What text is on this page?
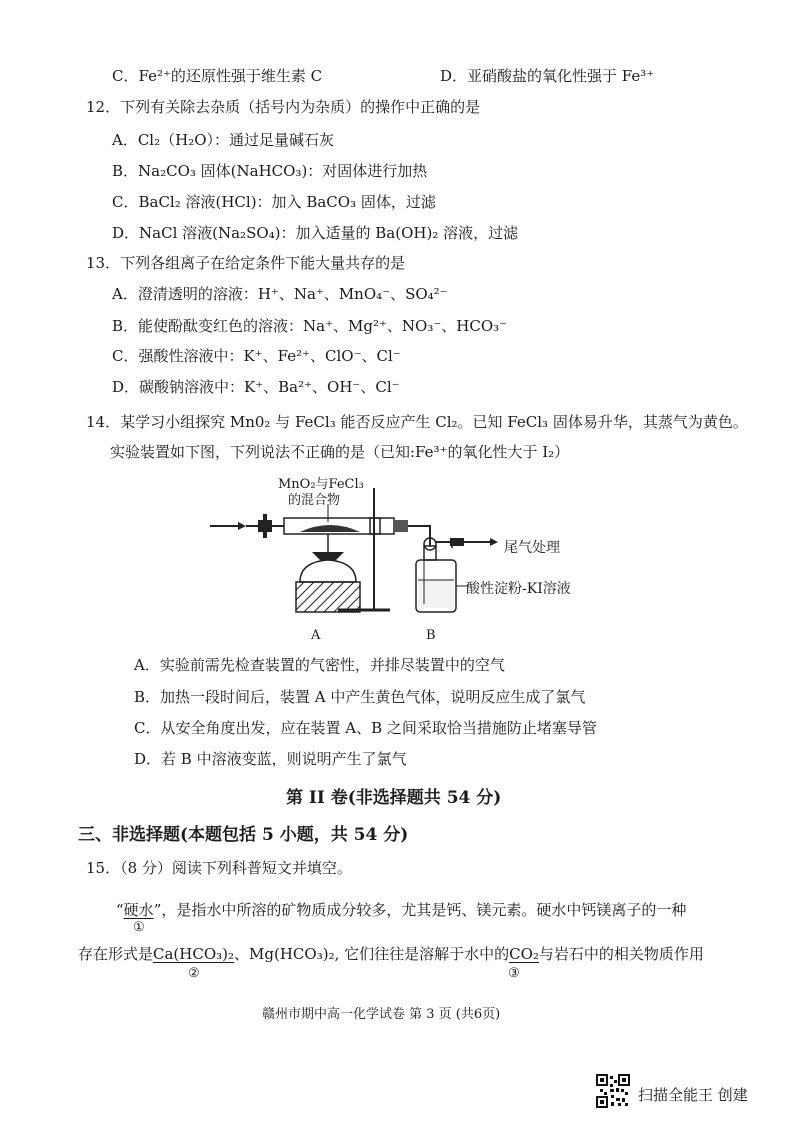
C．Fe²⁺的还原性强于维生素 C	D．亚硝酸盐的氧化性强于 Fe³⁺
12．下列有关除去杂质（括号内为杂质）的操作中正确的是
A．Cl₂（H₂O）：通过足量碱石灰
B．Na₂CO₃ 固体(NaHCO₃)：对固体进行加热
C．BaCl₂ 溶液(HCl)：加入 BaCO₃ 固体，过滤
D．NaCl 溶液(Na₂SO₄)：加入适量的 Ba(OH)₂ 溶液，过滤
13．下列各组离子在给定条件下能大量共存的是
A．澄清透明的溶液：H⁺、Na⁺、MnO₄⁻、SO₄²⁻
B．能使酚酞变红色的溶液：Na⁺、Mg²⁺、NO₃⁻、HCO₃⁻
C．强酸性溶液中：K⁺、Fe²⁺、ClO⁻、Cl⁻
D．碳酸钠溶液中：K⁺、Ba²⁺、OH⁻、Cl⁻
14．某学习小组探究 Mn0₂ 与 FeCl₃ 能否反应产生 Cl₂。已知 FeCl₃ 固体易升华，其蒸气为黄色。
实验装置如下图，下列说法不正确的是（已知:Fe³⁺的氧化性大于 I₂）
MnO₂与FeCl₃
的混合物
尾气处理
酸性淀粉-KI溶液
A	B
A．实验前需先检查装置的气密性，并排尽装置中的空气
B．加热一段时间后，装置 A 中产生黄色气体，说明反应生成了氯气
C．从安全角度出发，应在装置 A、B 之间采取恰当措施防止堵塞导管
D．若 B 中溶液变蓝，则说明产生了氯气
第 II 卷(非选择题共 54 分)
三、非选择题(本题包括 5 小题，共 54 分)
15．（8 分）阅读下列科普短文并填空。
“硬水”，是指水中所溶的矿物质成分较多，尤其是钙、镁元素。硬水中钙镁离子的一种
①
存在形式是Ca(HCO₃)₂、Mg(HCO₃)₂, 它们往往是溶解于水中的CO₂与岩石中的相关物质作用
②	③
赣州市期中高一化学试卷 第 3 页 (共6页)
扫描全能王 创建
